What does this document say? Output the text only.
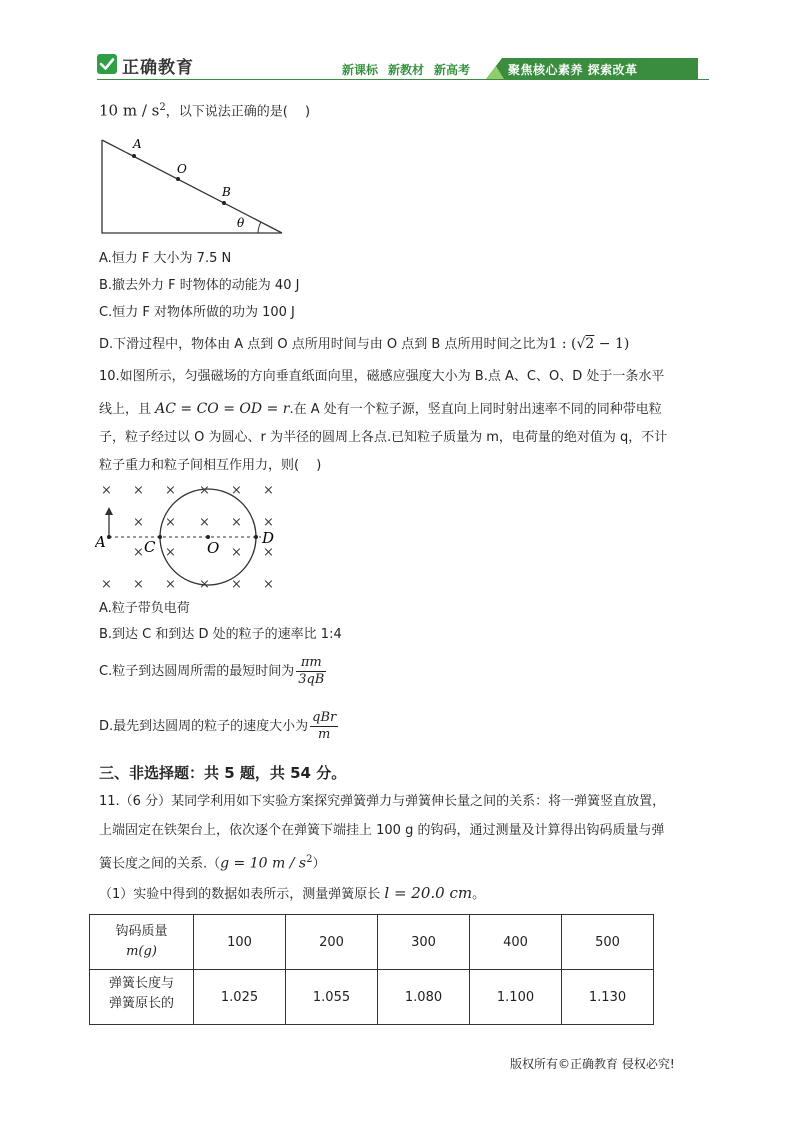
正确教育	新课标 新教材 新高考	聚焦核心素养 探索改革
10 m / $s^2$，以下说法正确的是(　 )
A
O
B
θ
A.恒力 F 大小为 7.5 N
B.撤去外力 F 时物体的动能为 40 J
C.恒力 F 对物体所做的功为 100 J
D.下滑过程中，物体由 A 点到 O 点所用时间与由 O 点到 B 点所用时间之比为1 : (√2 − 1)
10.如图所示，匀强磁场的方向垂直纸面向里，磁感应强度大小为 B.点 A、C、O、D 处于一条水平
线上，且 AC = CO = OD = r.在 A 处有一个粒子源，竖直向上同时射出速率不同的同种带电粒
子，粒子经过以 O 为圆心、r 为半径的圆周上各点.已知粒子质量为 m，电荷量的绝对值为 q，不计
粒子重力和粒子间相互作用力，则(　 )
× × × × × ×
× × × × ×
× ×	× ×
× × × × × ×
A	C	O
D
A.粒子带负电荷
B.到达 C 和到达 D 处的粒子的速率比 1:4
C.粒子到达圆周所需的最短时间为 $\frac{\pi m}{3qB}$
D.最先到达圆周的粒子的速度大小为 $\frac{\text{qBr}}{m}$
三、非选择题：共 5 题，共 54 分。
11.（6 分）某同学利用如下实验方案探究弹簧弹力与弹簧伸长量之间的关系：将一弹簧竖直放置，
上端固定在铁架台上，依次逐个在弹簧下端挂上 100 g 的钩码，通过测量及计算得出钩码质量与弹
簧长度之间的关系.（g = 10 m / $s^2$）
（1）实验中得到的数据如表所示，测量弹簧原长 l = 20.0 cm。
钩码质量
m(g)	100	200	300	400	500

弹簧长度与
弹簧原长的	1.025	1.055	1.080	1.100	1.130
版权所有©正确教育 侵权必究!
